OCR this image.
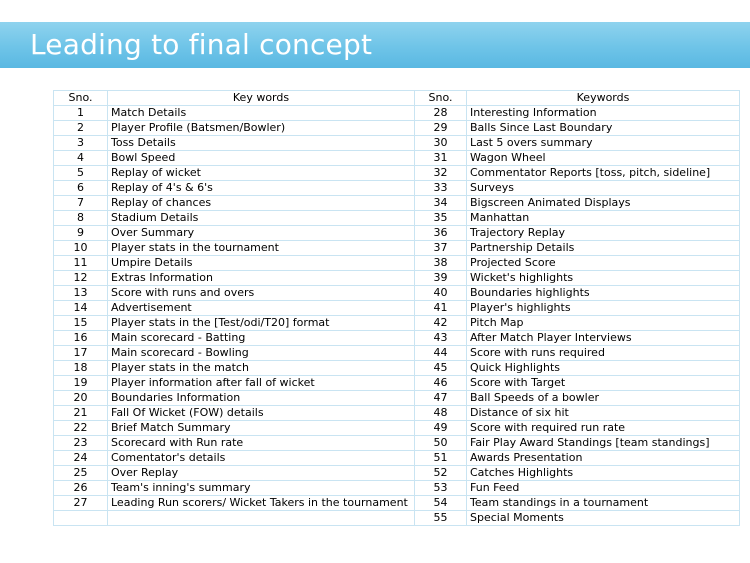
Leading to final concept
Sno.	Key words	Sno.	Keywords
1	Match Details	28	Interesting Information
2	Player Profile (Batsmen/Bowler)	29	Balls Since Last Boundary
3	Toss Details	30	Last 5 overs summary
4	Bowl Speed	31	Wagon Wheel
5	Replay of wicket	32	Commentator Reports [toss, pitch, sideline]
6	Replay of 4's & 6's	33	Surveys
7	Replay of chances	34	Bigscreen Animated Displays
8	Stadium Details	35	Manhattan
9	Over Summary	36	Trajectory Replay
10	Player stats in the tournament	37	Partnership Details
11	Umpire Details	38	Projected Score
12	Extras Information	39	Wicket's highlights
13	Score with runs and overs	40	Boundaries highlights
14	Advertisement	41	Player's highlights
15	Player stats in the [Test/odi/T20] format	42	Pitch Map
16	Main scorecard - Batting	43	After Match Player Interviews
17	Main scorecard - Bowling	44	Score with runs required
18	Player stats in the match	45	Quick Highlights
19	Player information after fall of wicket	46	Score with Target
20	Boundaries Information	47	Ball Speeds of a bowler
21	Fall Of Wicket (FOW) details	48	Distance of six hit
22	Brief Match Summary	49	Score with required run rate
23	Scorecard with Run rate	50	Fair Play Award Standings [team standings]
24	Comentator's details	51	Awards Presentation
25	Over Replay	52	Catches Highlights
26	Team's inning's summary	53	Fun Feed
27	Leading Run scorers/ Wicket Takers in the tournament	54	Team standings in a tournament
		55	Special Moments
